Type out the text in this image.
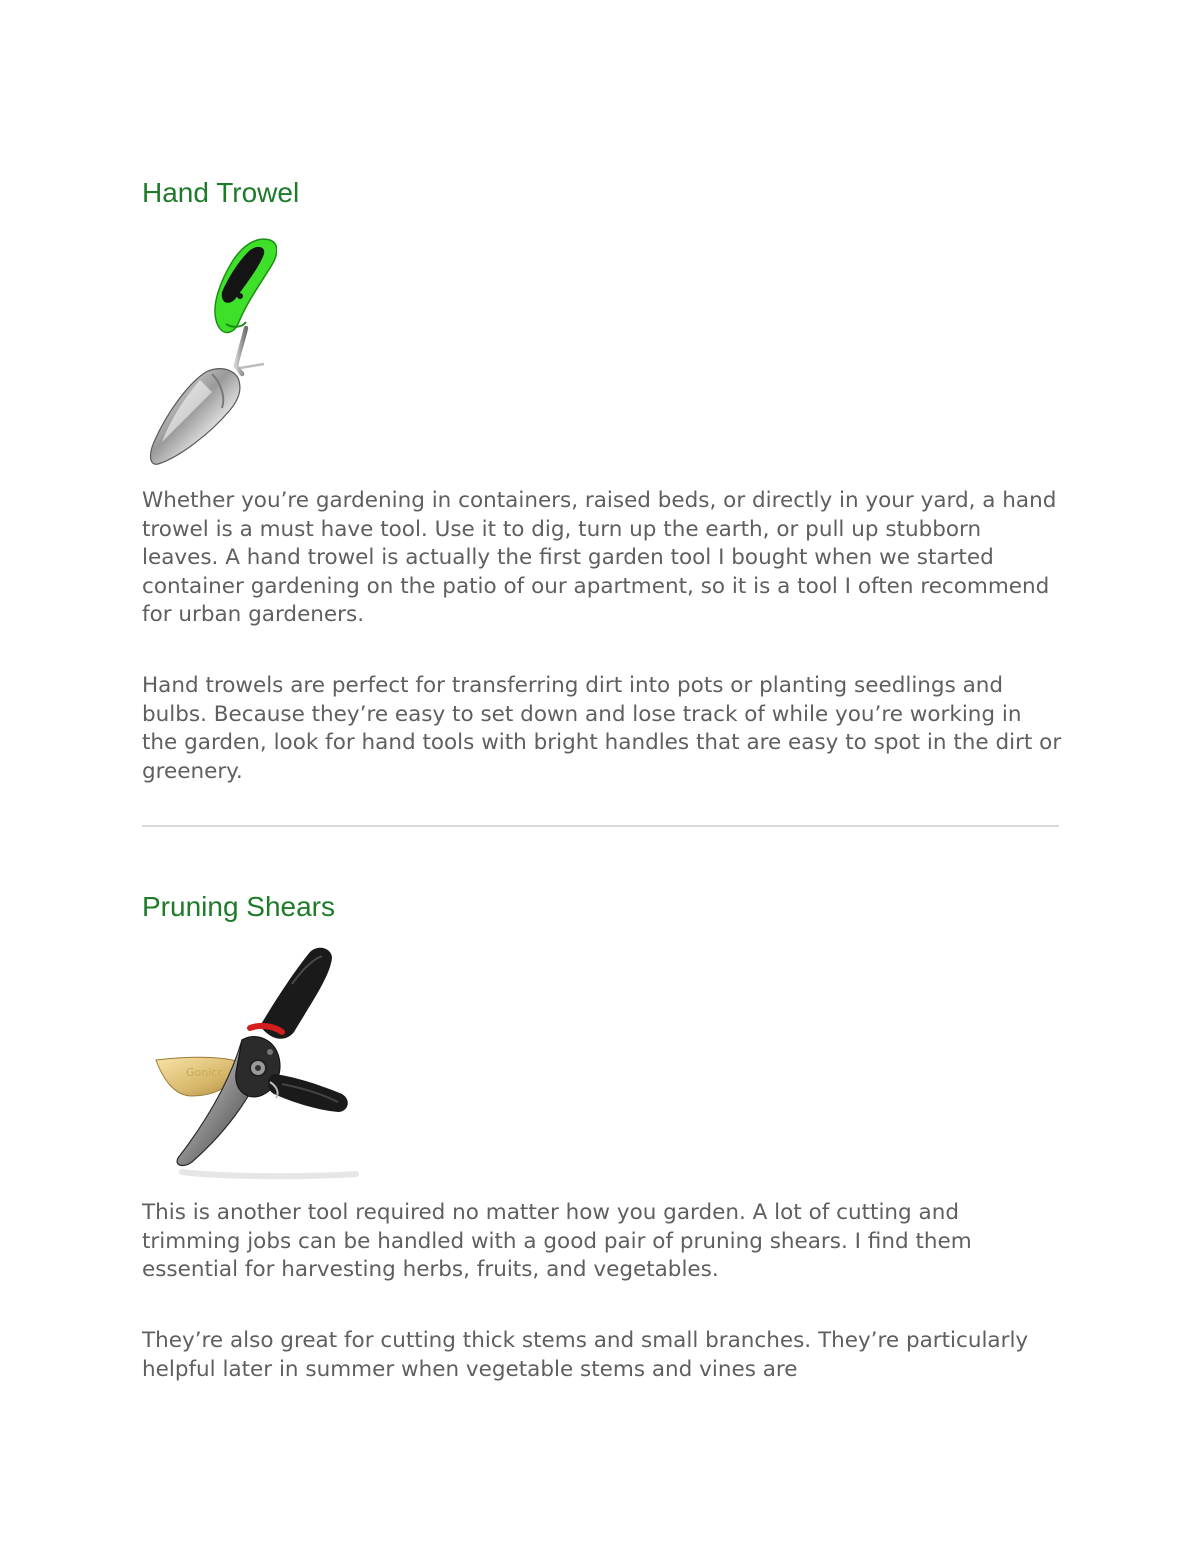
Hand Trowel

Whether you’re gardening in containers, raised beds, or directly in your yard, a hand trowel is a must have tool. Use it to dig, turn up the earth, or pull up stubborn leaves. A hand trowel is actually the first garden tool I bought when we started container gardening on the patio of our apartment, so it is a tool I often recommend for urban gardeners.

Hand trowels are perfect for transferring dirt into pots or planting seedlings and bulbs. Because they’re easy to set down and lose track of while you’re working in the garden, look for hand tools with bright handles that are easy to spot in the dirt or greenery.

Pruning Shears
Gonicc

This is another tool required no matter how you garden. A lot of cutting and trimming jobs can be handled with a good pair of pruning shears. I find them essential for harvesting herbs, fruits, and vegetables.

They’re also great for cutting thick stems and small branches. They’re particularly helpful later in summer when vegetable stems and vines are
